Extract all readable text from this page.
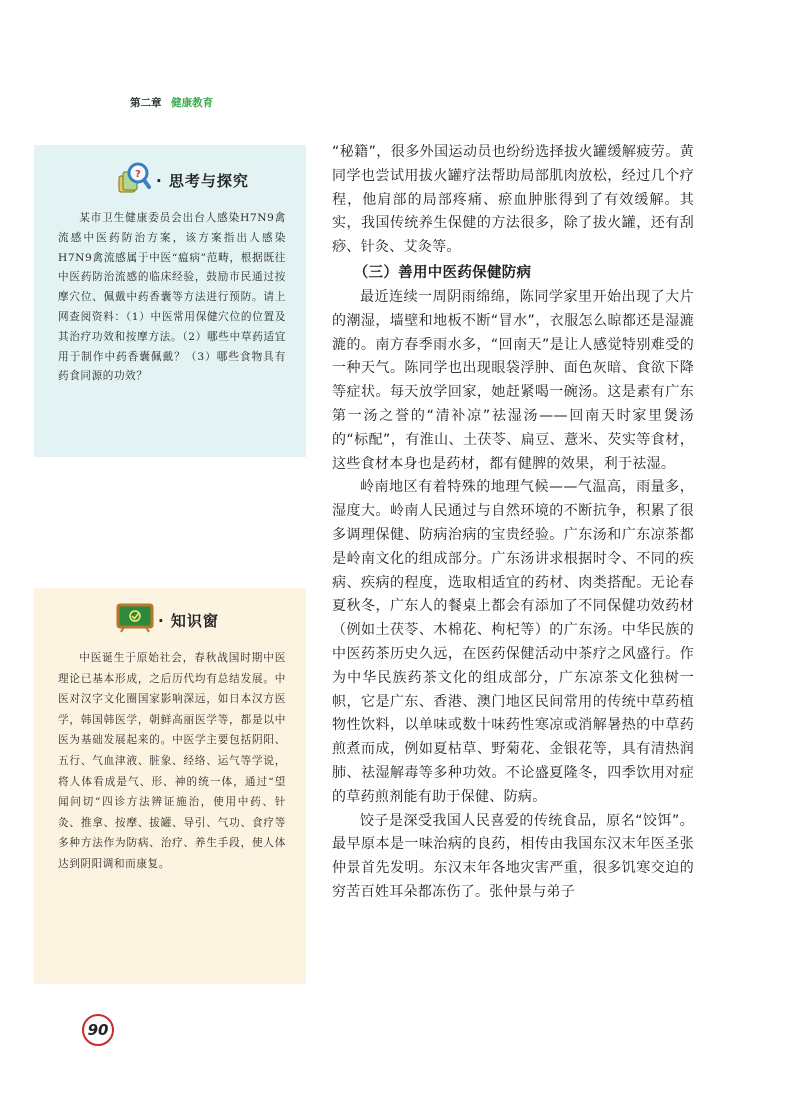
第二章 健康教育
? · 思考与探究

某市卫生健康委员会出台人感染H7N9禽流感中医药防治方案，该方案指出人感染H7N9禽流感属于中医“瘟病”范畴，根据既往中医药防治流感的临床经验，鼓励市民通过按摩穴位、佩戴中药香囊等方法进行预防。请上网查阅资料：（1）中医常用保健穴位的位置及其治疗功效和按摩方法。（2）哪些中草药适宜用于制作中药香囊佩戴？（3）哪些食物具有药食同源的功效？

· 知识窗

中医诞生于原始社会，春秋战国时期中医理论已基本形成，之后历代均有总结发展。中医对汉字文化圈国家影响深远，如日本汉方医学，韩国韩医学，朝鲜高丽医学等，都是以中医为基础发展起来的。中医学主要包括阴阳、五行、气血津液、脏象、经络、运气等学说，将人体看成是气、形、神的统一体，通过“望闻问切”四诊方法辨证施治，使用中药、针灸、推拿、按摩、拔罐、导引、气功、食疗等多种方法作为防病、治疗、养生手段，使人体达到阴阳调和而康复。

“秘籍”，很多外国运动员也纷纷选择拔火罐缓解疲劳。黄同学也尝试用拔火罐疗法帮助局部肌肉放松，经过几个疗程，他肩部的局部疼痛、瘀血肿胀得到了有效缓解。其实，我国传统养生保健的方法很多，除了拔火罐，还有刮痧、针灸、艾灸等。

（三）善用中医药保健防病

最近连续一周阴雨绵绵，陈同学家里开始出现了大片的潮湿，墙壁和地板不断“冒水”，衣服怎么晾都还是湿漉漉的。南方春季雨水多，“回南天”是让人感觉特别难受的一种天气。陈同学也出现眼袋浮肿、面色灰暗、食欲下降等症状。每天放学回家，她赶紧喝一碗汤。这是素有广东第一汤之誉的“清补凉”祛湿汤——回南天时家里煲汤的“标配”，有淮山、土茯苓、扁豆、薏米、芡实等食材，这些食材本身也是药材，都有健脾的效果，利于祛湿。

岭南地区有着特殊的地理气候——气温高，雨量多，湿度大。岭南人民通过与自然环境的不断抗争，积累了很多调理保健、防病治病的宝贵经验。广东汤和广东凉茶都是岭南文化的组成部分。广东汤讲求根据时令、不同的疾病、疾病的程度，选取相适宜的药材、肉类搭配。无论春夏秋冬，广东人的餐桌上都会有添加了不同保健功效药材（例如土茯苓、木棉花、枸杞等）的广东汤。中华民族的中医药茶历史久远，在医药保健活动中茶疗之风盛行。作为中华民族药茶文化的组成部分，广东凉茶文化独树一帜，它是广东、香港、澳门地区民间常用的传统中草药植物性饮料，以单味或数十味药性寒凉或消解暑热的中草药煎煮而成，例如夏枯草、野菊花、金银花等，具有清热润肺、祛湿解毒等多种功效。不论盛夏隆冬，四季饮用对症的草药煎剂能有助于保健、防病。

饺子是深受我国人民喜爱的传统食品，原名“饺饵”。最早原本是一味治病的良药，相传由我国东汉末年医圣张仲景首先发明。东汉末年各地灾害严重，很多饥寒交迫的穷苦百姓耳朵都冻伤了。张仲景与弟子

90
